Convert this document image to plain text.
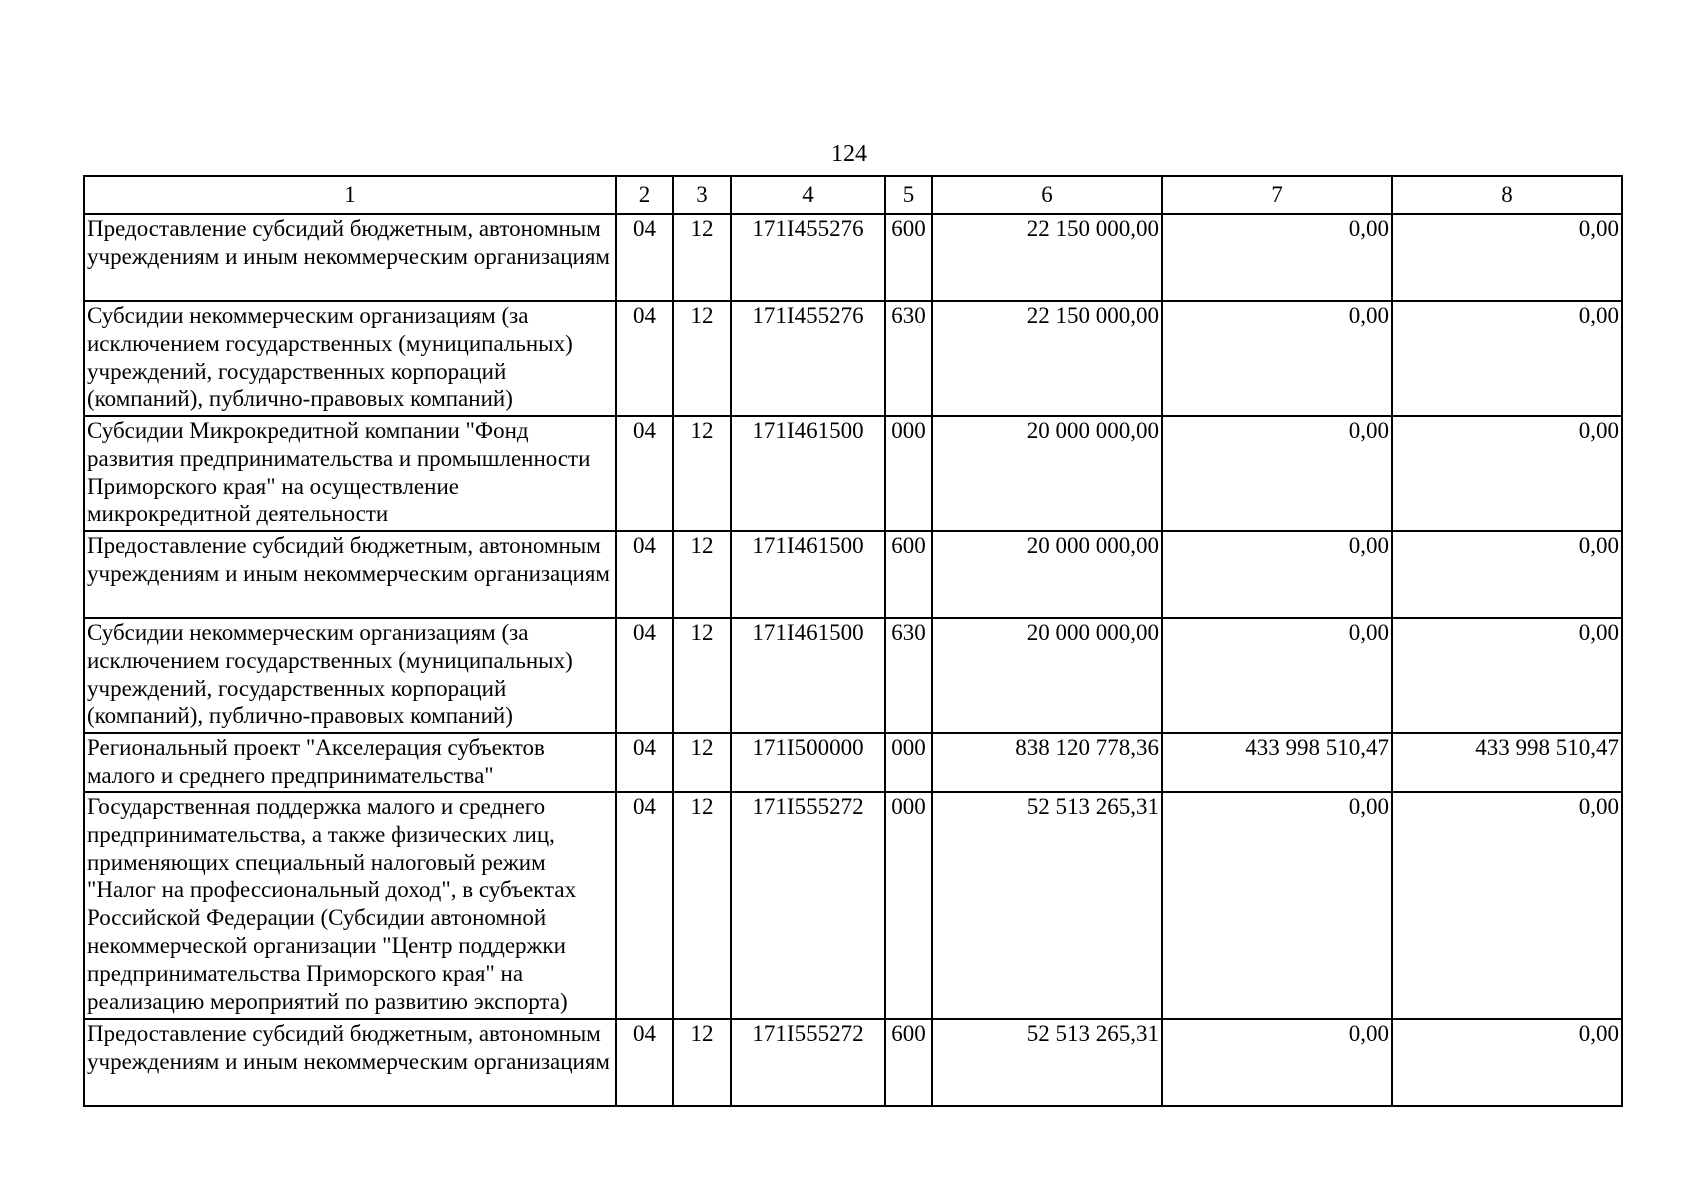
124
1	2	3	4	5	6	7	8
Предоставление субсидий бюджетным, автономным учреждениям и иным некоммерческим организациям	04	12	171I455276	600	22 150 000,00	0,00	0,00
Субсидии некоммерческим организациям (за исключением государственных (муниципальных) учреждений, государственных корпораций (компаний), публично-правовых компаний)	04	12	171I455276	630	22 150 000,00	0,00	0,00
Субсидии Микрокредитной компании "Фонд развития предпринимательства и промышленности Приморского края" на осуществление микрокредитной деятельности	04	12	171I461500	000	20 000 000,00	0,00	0,00
Предоставление субсидий бюджетным, автономным учреждениям и иным некоммерческим организациям	04	12	171I461500	600	20 000 000,00	0,00	0,00
Субсидии некоммерческим организациям (за исключением государственных (муниципальных) учреждений, государственных корпораций (компаний), публично-правовых компаний)	04	12	171I461500	630	20 000 000,00	0,00	0,00
Региональный проект "Акселерация субъектов малого и среднего предпринимательства"	04	12	171I500000	000	838 120 778,36	433 998 510,47	433 998 510,47
Государственная поддержка малого и среднего предпринимательства, а также физических лиц, применяющих специальный налоговый режим "Налог на профессиональный доход", в субъектах Российской Федерации (Субсидии автономной некоммерческой организации "Центр поддержки предпринимательства Приморского края" на реализацию мероприятий по развитию экспорта)	04	12	171I555272	000	52 513 265,31	0,00	0,00
Предоставление субсидий бюджетным, автономным учреждениям и иным некоммерческим организациям	04	12	171I555272	600	52 513 265,31	0,00	0,00
